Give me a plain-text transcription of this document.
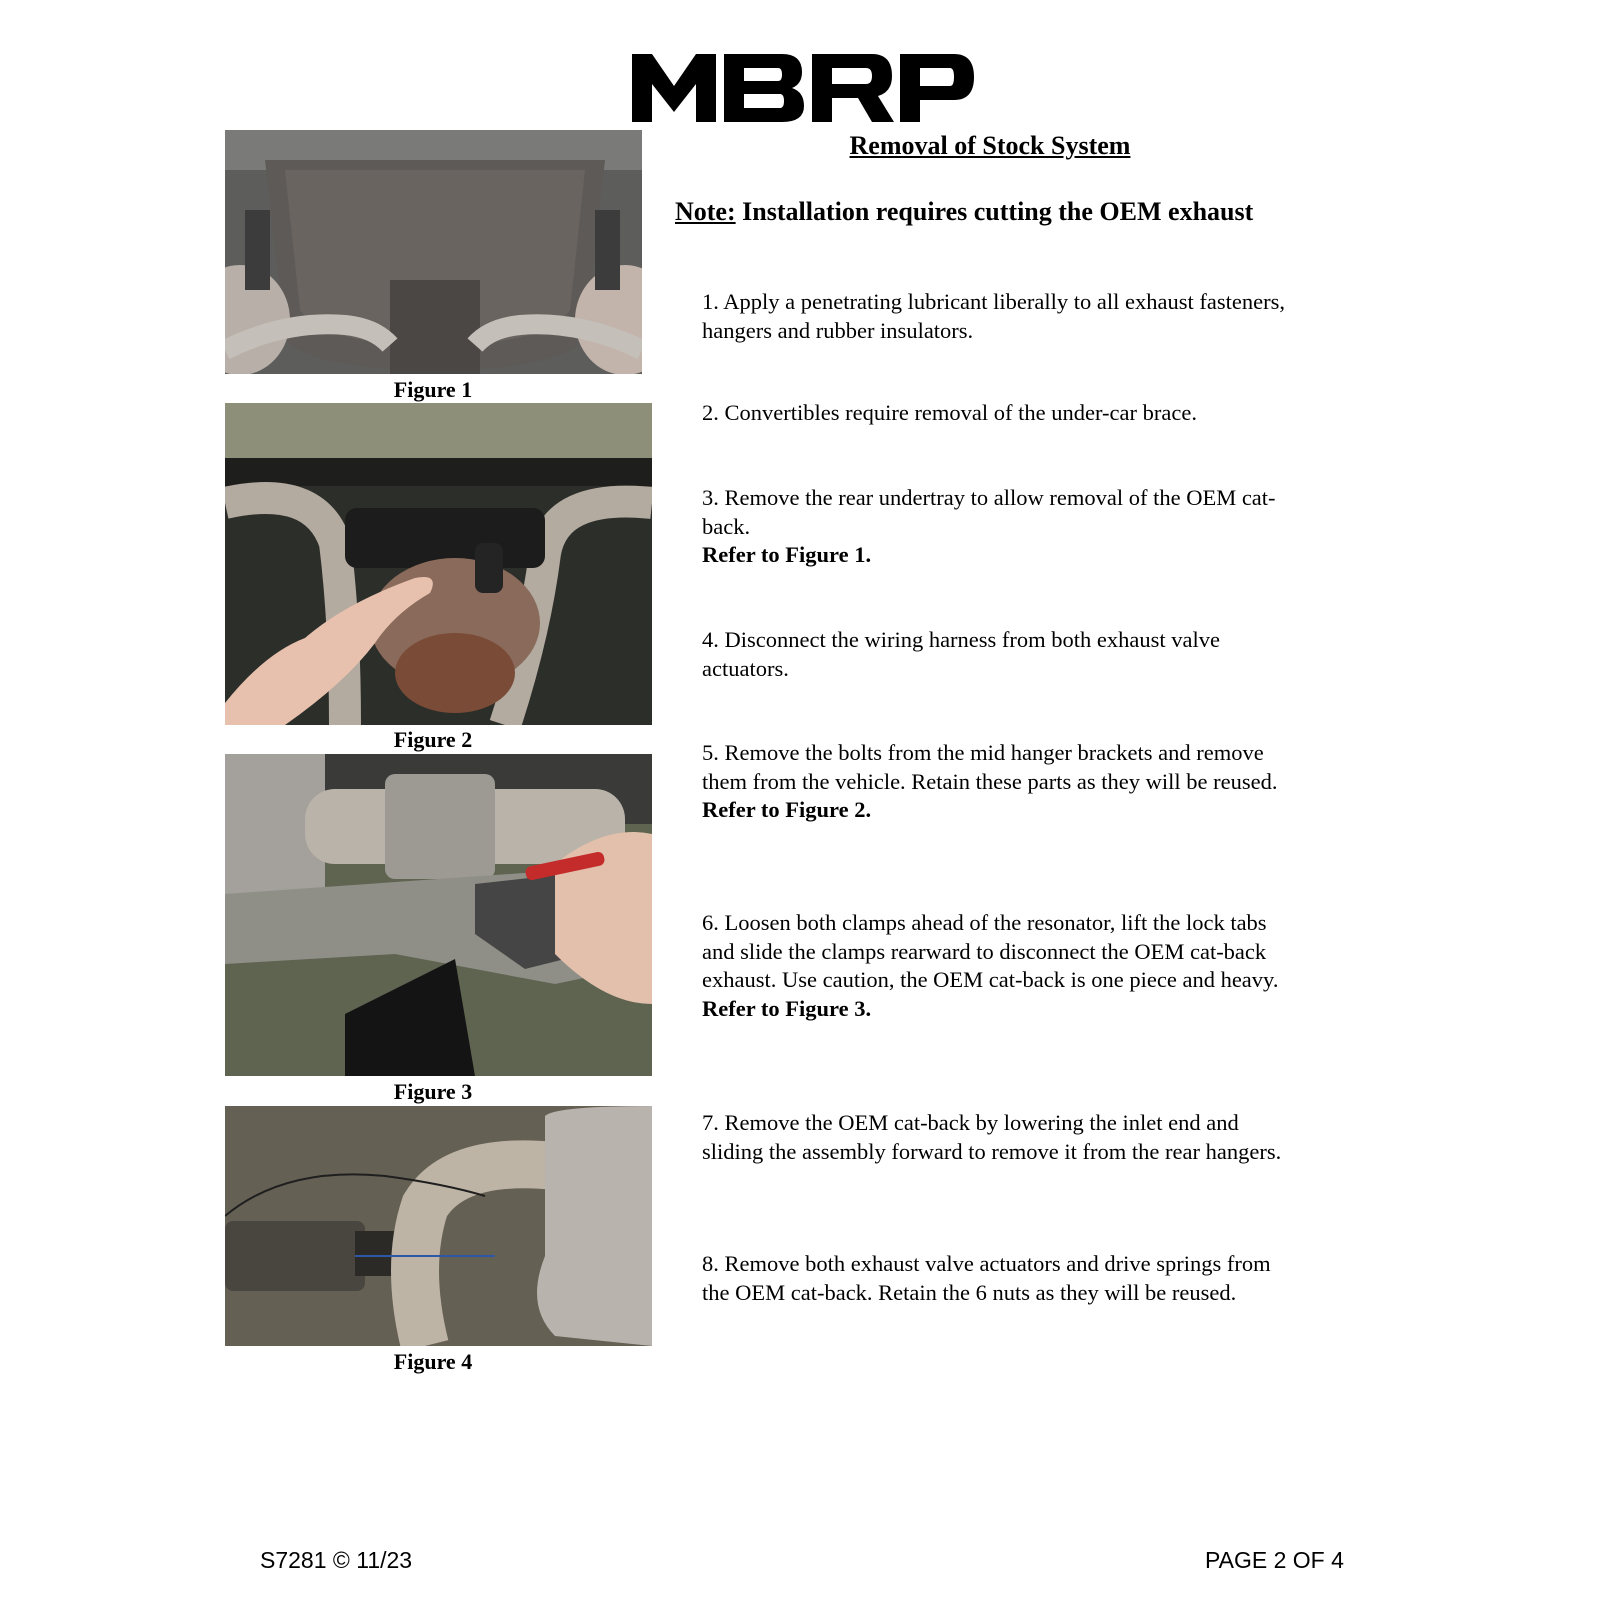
Figure 1
Figure 2
Figure 3
Figure 4
Removal of Stock System
Note: Installation requires cutting the OEM exhaust
1. Apply a penetrating lubricant liberally to all exhaust fasteners, hangers and rubber insulators.
2. Convertibles require removal of the under-car brace.
3. Remove the rear undertray to allow removal of the OEM cat-back.
Refer to Figure 1.
4. Disconnect the wiring harness from both exhaust valve actuators.
5. Remove the bolts from the mid hanger brackets and remove them from the vehicle. Retain these parts as they will be reused.
Refer to Figure 2.
6. Loosen both clamps ahead of the resonator, lift the lock tabs and slide the clamps rearward to disconnect the OEM cat-back exhaust. Use caution, the OEM cat-back is one piece and heavy.
Refer to Figure 3.
7. Remove the OEM cat-back by lowering the inlet end and sliding the assembly forward to remove it from the rear hangers.
8. Remove both exhaust valve actuators and drive springs from the OEM cat-back. Retain the 6 nuts as they will be reused.
S7281 © 11/23	PAGE 2 OF 4
